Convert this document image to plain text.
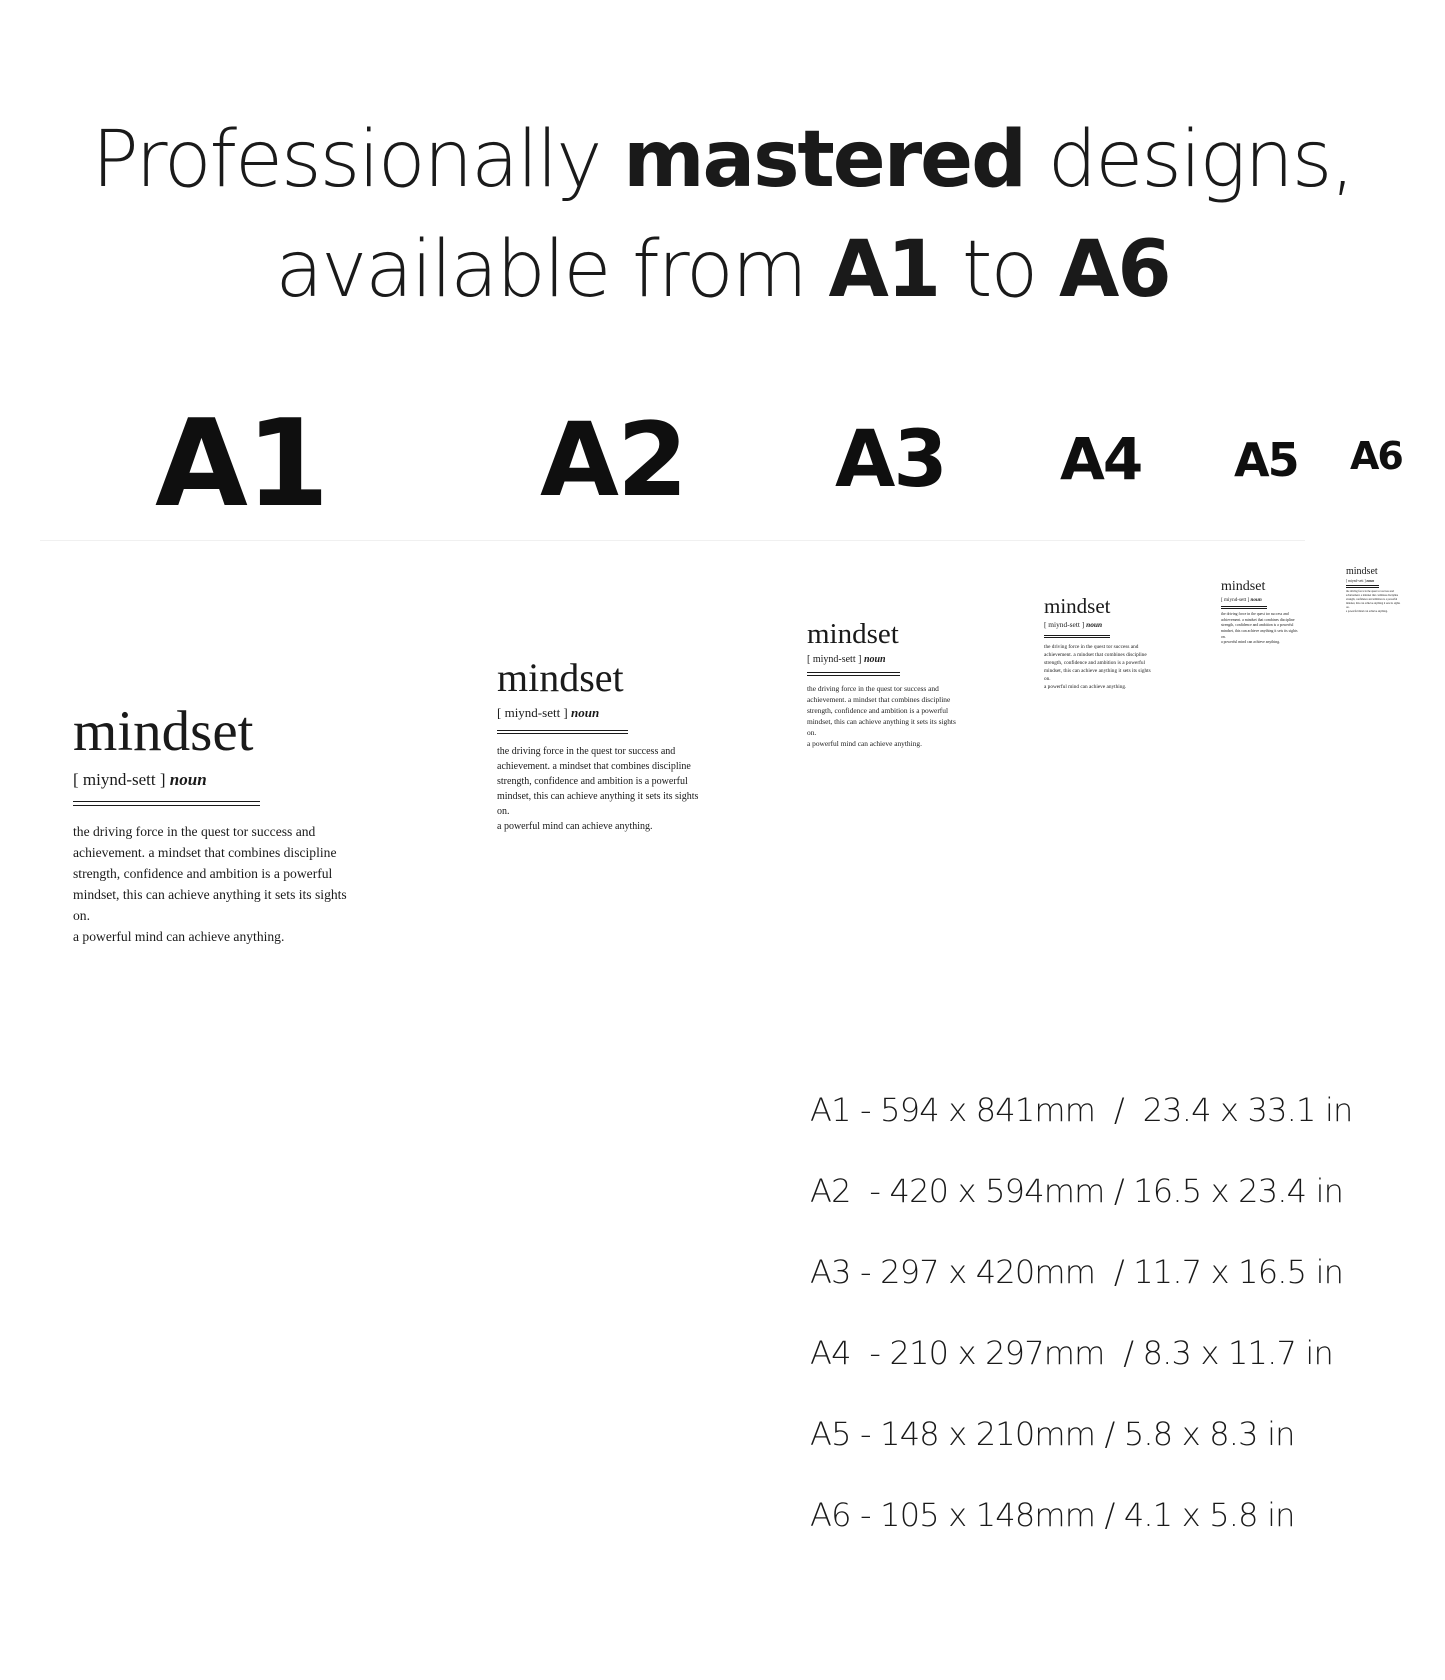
Professionally mastered designs,
available from A1 to A6
A1 A2 A3 A4 A5 A6
mindset
[ miynd-sett ] noun
the driving force in the quest tor success and
achievement. a mindset that combines discipline
strength, confidence and ambition is a powerful
mindset, this can achieve anything it sets its sights
on.
a powerful mind can achieve anything.
mindset
[ miynd-sett ] noun
the driving force in the quest tor success and
achievement. a mindset that combines discipline
strength, confidence and ambition is a powerful
mindset, this can achieve anything it sets its sights
on.
a powerful mind can achieve anything.
mindset
[ miynd-sett ] noun
the driving force in the quest tor success and
achievement. a mindset that combines discipline
strength, confidence and ambition is a powerful
mindset, this can achieve anything it sets its sights
on.
a powerful mind can achieve anything.
mindset
[ miynd-sett ] noun
the driving force in the quest tor success and
achievement. a mindset that combines discipline
strength, confidence and ambition is a powerful
mindset, this can achieve anything it sets its sights
on.
a powerful mind can achieve anything.
mindset
[ miynd-sett ] noun
the driving force in the quest tor success and
achievement. a mindset that combines discipline
strength, confidence and ambition is a powerful
mindset, this can achieve anything it sets its sights
on.
a powerful mind can achieve anything.
mindset
[ miynd-sett ] noun
the driving force in the quest tor success and
achievement. a mindset that combines discipline
strength, confidence and ambition is a powerful
mindset, this can achieve anything it sets its sights
on.
a powerful mind can achieve anything.
A1 - 594 x 841mm  /  23.4 x 33.1 in
A2  - 420 x 594mm / 16.5 x 23.4 in
A3 - 297 x 420mm  / 11.7 x 16.5 in
A4  - 210 x 297mm  / 8.3 x 11.7 in
A5 - 148 x 210mm / 5.8 x 8.3 in
A6 - 105 x 148mm / 4.1 x 5.8 in
